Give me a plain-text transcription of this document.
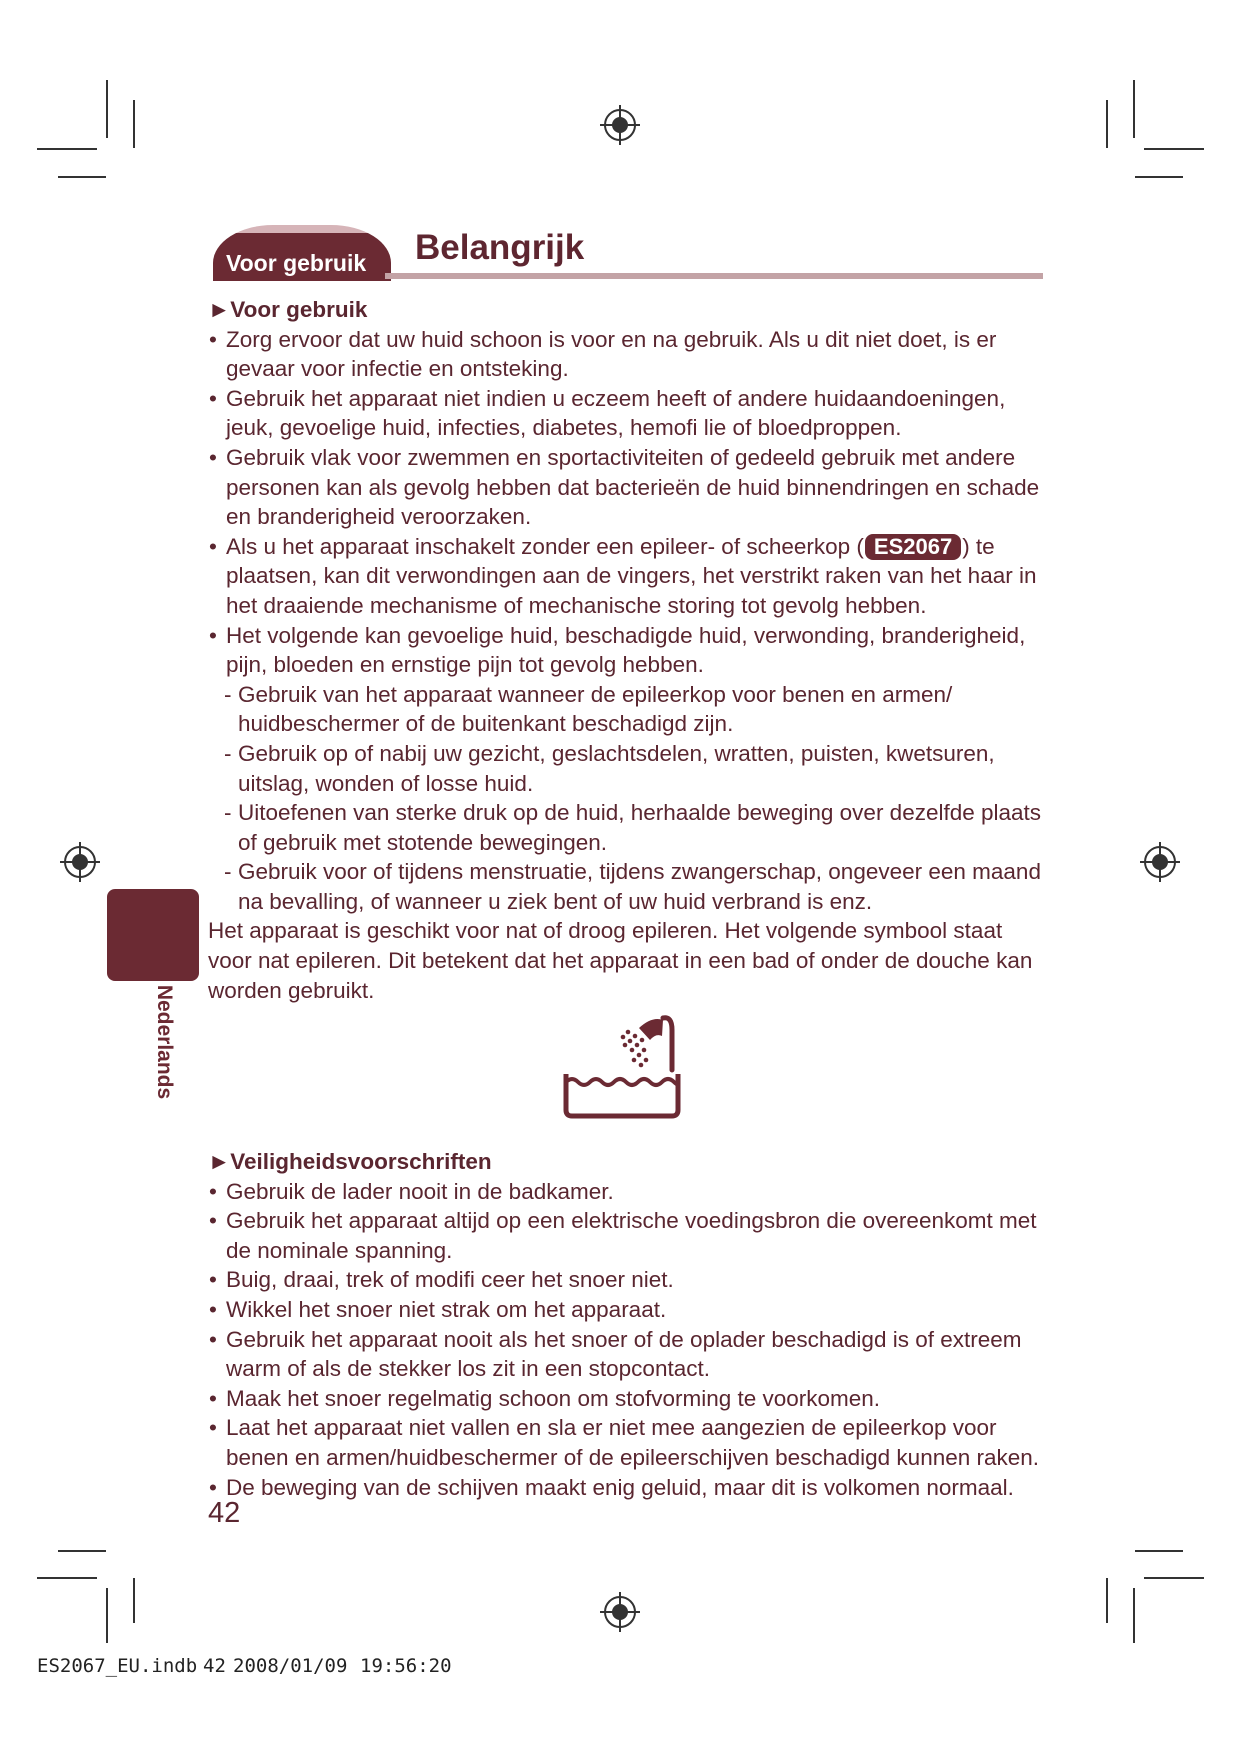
Voor gebruik Belangrijk

►Voor gebruik

• Zorg ervoor dat uw huid schoon is voor en na gebruik. Als u dit niet doet, is er gevaar voor infectie en ontsteking.

• Gebruik het apparaat niet indien u eczeem heeft of andere huidaandoeningen, jeuk, gevoelige huid, infecties, diabetes, hemofi lie of bloedproppen.

• Gebruik vlak voor zwemmen en sportactiviteiten of gedeeld gebruik met andere personen kan als gevolg hebben dat bacterieën de huid binnendringen en schade en branderigheid veroorzaken.

• Als u het apparaat inschakelt zonder een epileer- of scheerkop ( ES2067 ) te plaatsen, kan dit verwondingen aan de vingers, het verstrikt raken van het haar in het draaiende mechanisme of mechanische storing tot gevolg hebben.

• Het volgende kan gevoelige huid, beschadigde huid, verwonding, branderigheid, pijn, bloeden en ernstige pijn tot gevolg hebben.

- Gebruik van het apparaat wanneer de epileerkop voor benen en armen/ huidbeschermer of de buitenkant beschadigd zijn.

- Gebruik op of nabij uw gezicht, geslachtsdelen, wratten, puisten, kwetsuren, uitslag, wonden of losse huid.

- Uitoefenen van sterke druk op de huid, herhaalde beweging over dezelfde plaats of gebruik met stotende bewegingen.

- Gebruik voor of tijdens menstruatie, tijdens zwangerschap, ongeveer een maand na bevalling, of wanneer u ziek bent of uw huid verbrand is enz.

Het apparaat is geschikt voor nat of droog epileren. Het volgende symbool staat voor nat epileren. Dit betekent dat het apparaat in een bad of onder de douche kan worden gebruikt.

►Veiligheidsvoorschriften

• Gebruik de lader nooit in de badkamer.

• Gebruik het apparaat altijd op een elektrische voedingsbron die overeenkomt met de nominale spanning.

• Buig, draai, trek of modifi ceer het snoer niet.

• Wikkel het snoer niet strak om het apparaat.

• Gebruik het apparaat nooit als het snoer of de oplader beschadigd is of extreem warm of als de stekker los zit in een stopcontact.

• Maak het snoer regelmatig schoon om stofvorming te voorkomen.

• Laat het apparaat niet vallen en sla er niet mee aangezien de epileerkop voor benen en armen/huidbeschermer of de epileerschijven beschadigd kunnen raken.

• De beweging van de schijven maakt enig geluid, maar dit is volkomen normaal.

Nederlands
42
ES2067_EU.indb 42 2008/01/09 19:56:20
